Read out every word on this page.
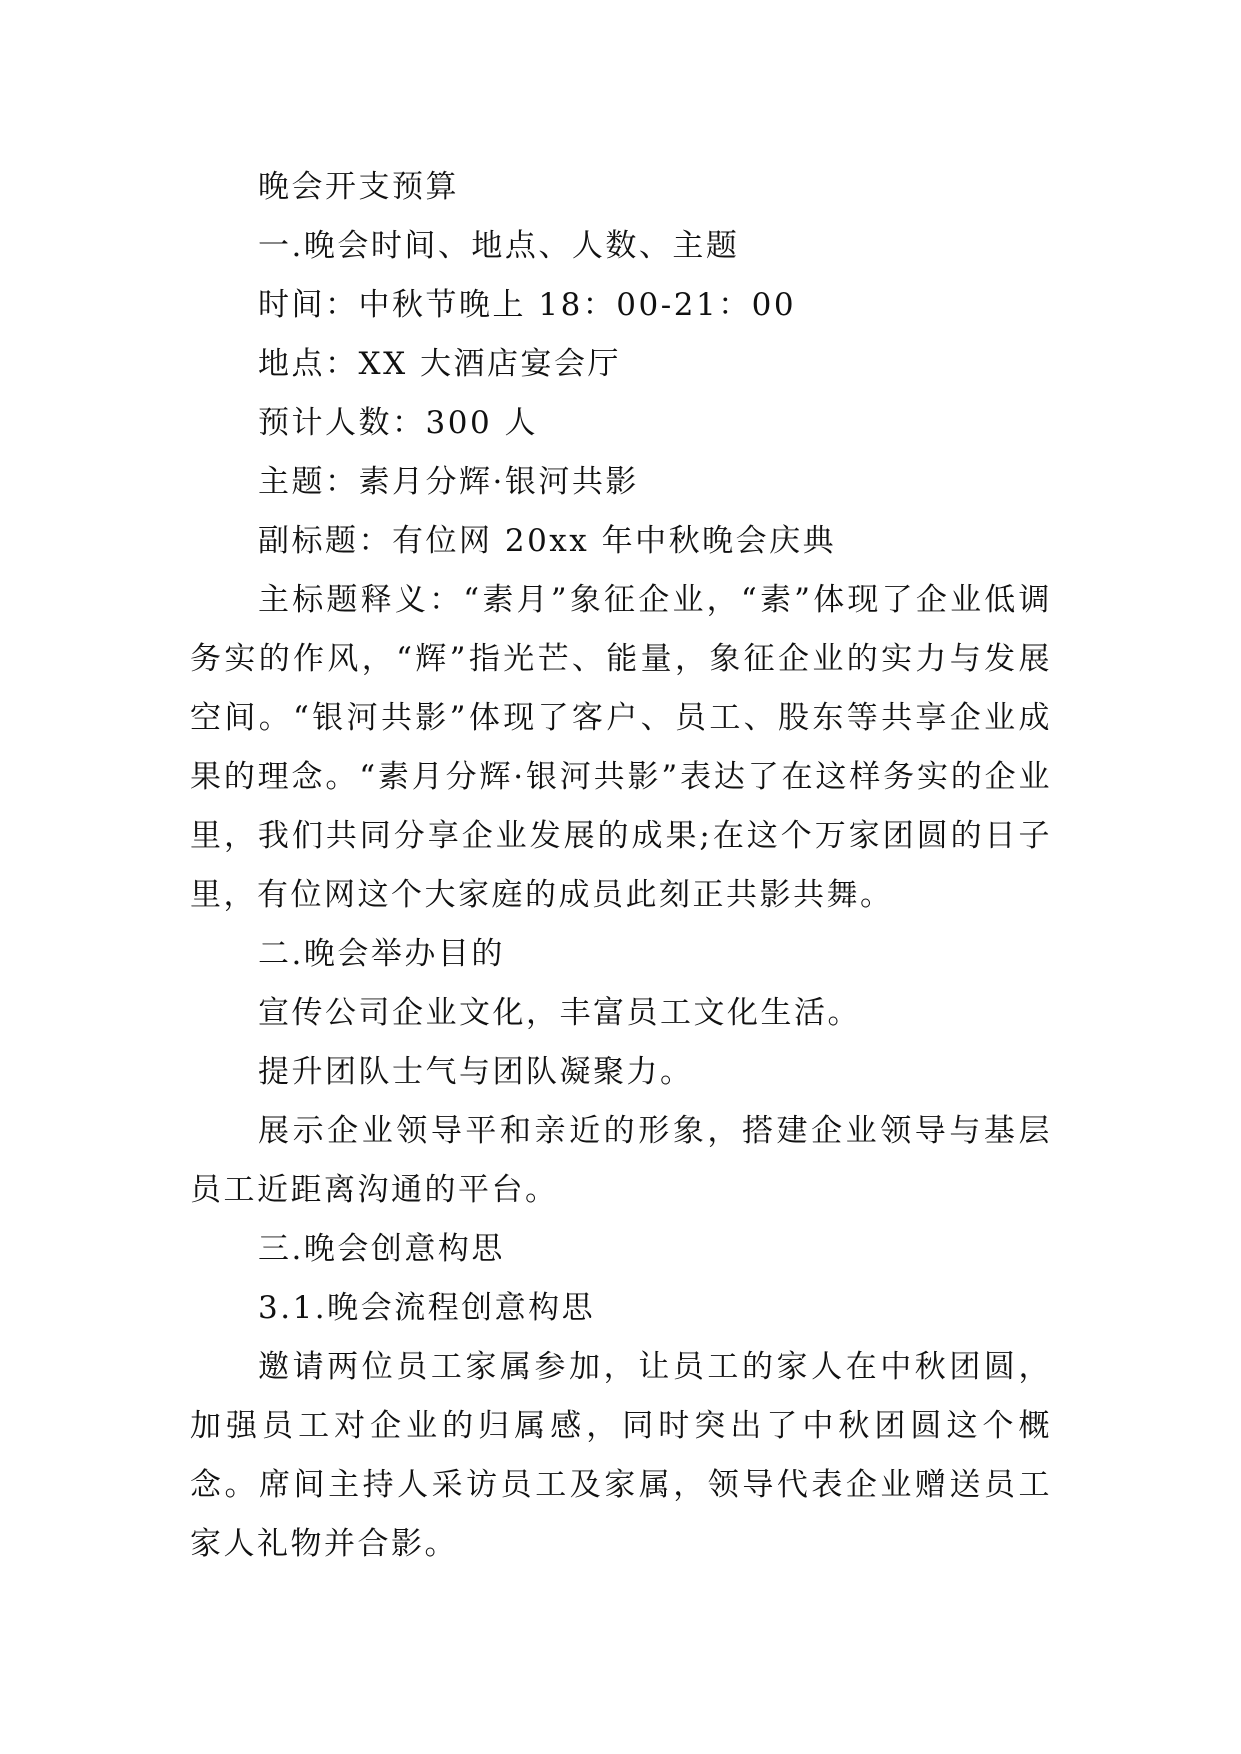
晚会开支预算

一.晚会时间、地点、人数、主题

时间：中秋节晚上 18：00-21：00

地点：XX 大酒店宴会厅

预计人数：300 人

主题：素月分辉·银河共影

副标题：有位网 20xx 年中秋晚会庆典

主标题释义：“素月”象征企业，“素”体现了企业低调务实的作风，“辉”指光芒、能量，象征企业的实力与发展空间。“银河共影”体现了客户、员工、股东等共享企业成果的理念。“素月分辉·银河共影”表达了在这样务实的企业里，我们共同分享企业发展的成果;在这个万家团圆的日子里，有位网这个大家庭的成员此刻正共影共舞。

二.晚会举办目的

宣传公司企业文化，丰富员工文化生活。

提升团队士气与团队凝聚力。

展示企业领导平和亲近的形象，搭建企业领导与基层员工近距离沟通的平台。

三.晚会创意构思

3.1.晚会流程创意构思

邀请两位员工家属参加，让员工的家人在中秋团圆，加强员工对企业的归属感，同时突出了中秋团圆这个概念。席间主持人采访员工及家属，领导代表企业赠送员工家人礼物并合影。
